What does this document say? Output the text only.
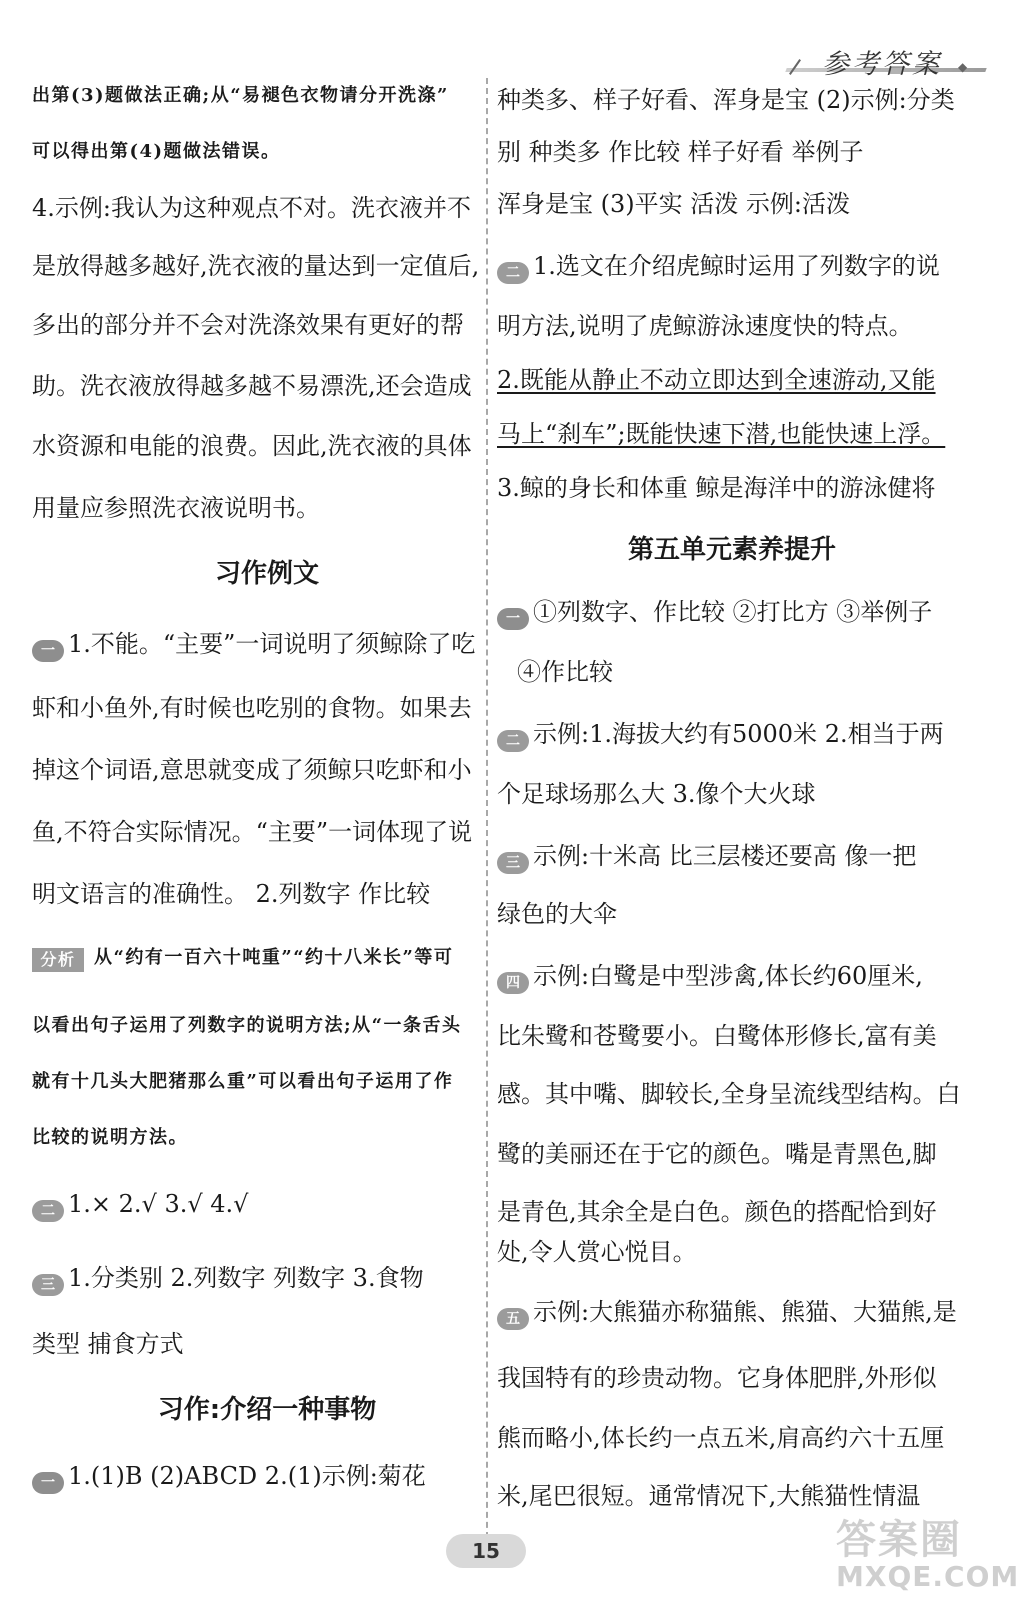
参考答案 ◆
出第(3)题做法正确;从“易褪色衣物请分开洗涤”
可以得出第(4)题做法错误。
4.示例:我认为这种观点不对。洗衣液并不
是放得越多越好,洗衣液的量达到一定值后,
多出的部分并不会对洗涤效果有更好的帮
助。洗衣液放得越多越不易漂洗,还会造成
水资源和电能的浪费。因此,洗衣液的具体
用量应参照洗衣液说明书。
习作例文
一 1.不能。“主要”一词说明了须鲸除了吃
虾和小鱼外,有时候也吃别的食物。如果去
掉这个词语,意思就变成了须鲸只吃虾和小
鱼,不符合实际情况。“主要”一词体现了说
明文语言的准确性。 2.列数字 作比较
分析 从“约有一百六十吨重”“约十八米长”等可
以看出句子运用了列数字的说明方法;从“一条舌头
就有十几头大肥猪那么重”可以看出句子运用了作
比较的说明方法。
二 1.× 2.√ 3.√ 4.√
三 1.分类别 2.列数字 列数字 3.食物
类型 捕食方式
习作:介绍一种事物
一 1.(1)B (2)ABCD 2.(1)示例:菊花
种类多、样子好看、浑身是宝 (2)示例:分类
别 种类多 作比较 样子好看 举例子
浑身是宝 (3)平实 活泼 示例:活泼
二 1.选文在介绍虎鲸时运用了列数字的说
明方法,说明了虎鲸游泳速度快的特点。
2.既能从静止不动立即达到全速游动,又能
马上“刹车”;既能快速下潜,也能快速上浮。
3.鲸的身长和体重 鲸是海洋中的游泳健将
第五单元素养提升
一 ①列数字、作比较 ②打比方 ③举例子
④作比较
二 示例:1.海拔大约有5000米 2.相当于两
个足球场那么大 3.像个大火球
三 示例:十米高 比三层楼还要高 像一把
绿色的大伞
四 示例:白鹭是中型涉禽,体长约60厘米,
比朱鹭和苍鹭要小。白鹭体形修长,富有美
感。其中嘴、脚较长,全身呈流线型结构。白
鹭的美丽还在于它的颜色。嘴是青黑色,脚
是青色,其余全是白色。颜色的搭配恰到好
处,令人赏心悦目。
五 示例:大熊猫亦称猫熊、熊猫、大猫熊,是
我国特有的珍贵动物。它身体肥胖,外形似
熊而略小,体长约一点五米,肩高约六十五厘
米,尾巴很短。通常情况下,大熊猫性情温
15	答案圈
MXQE.COM
